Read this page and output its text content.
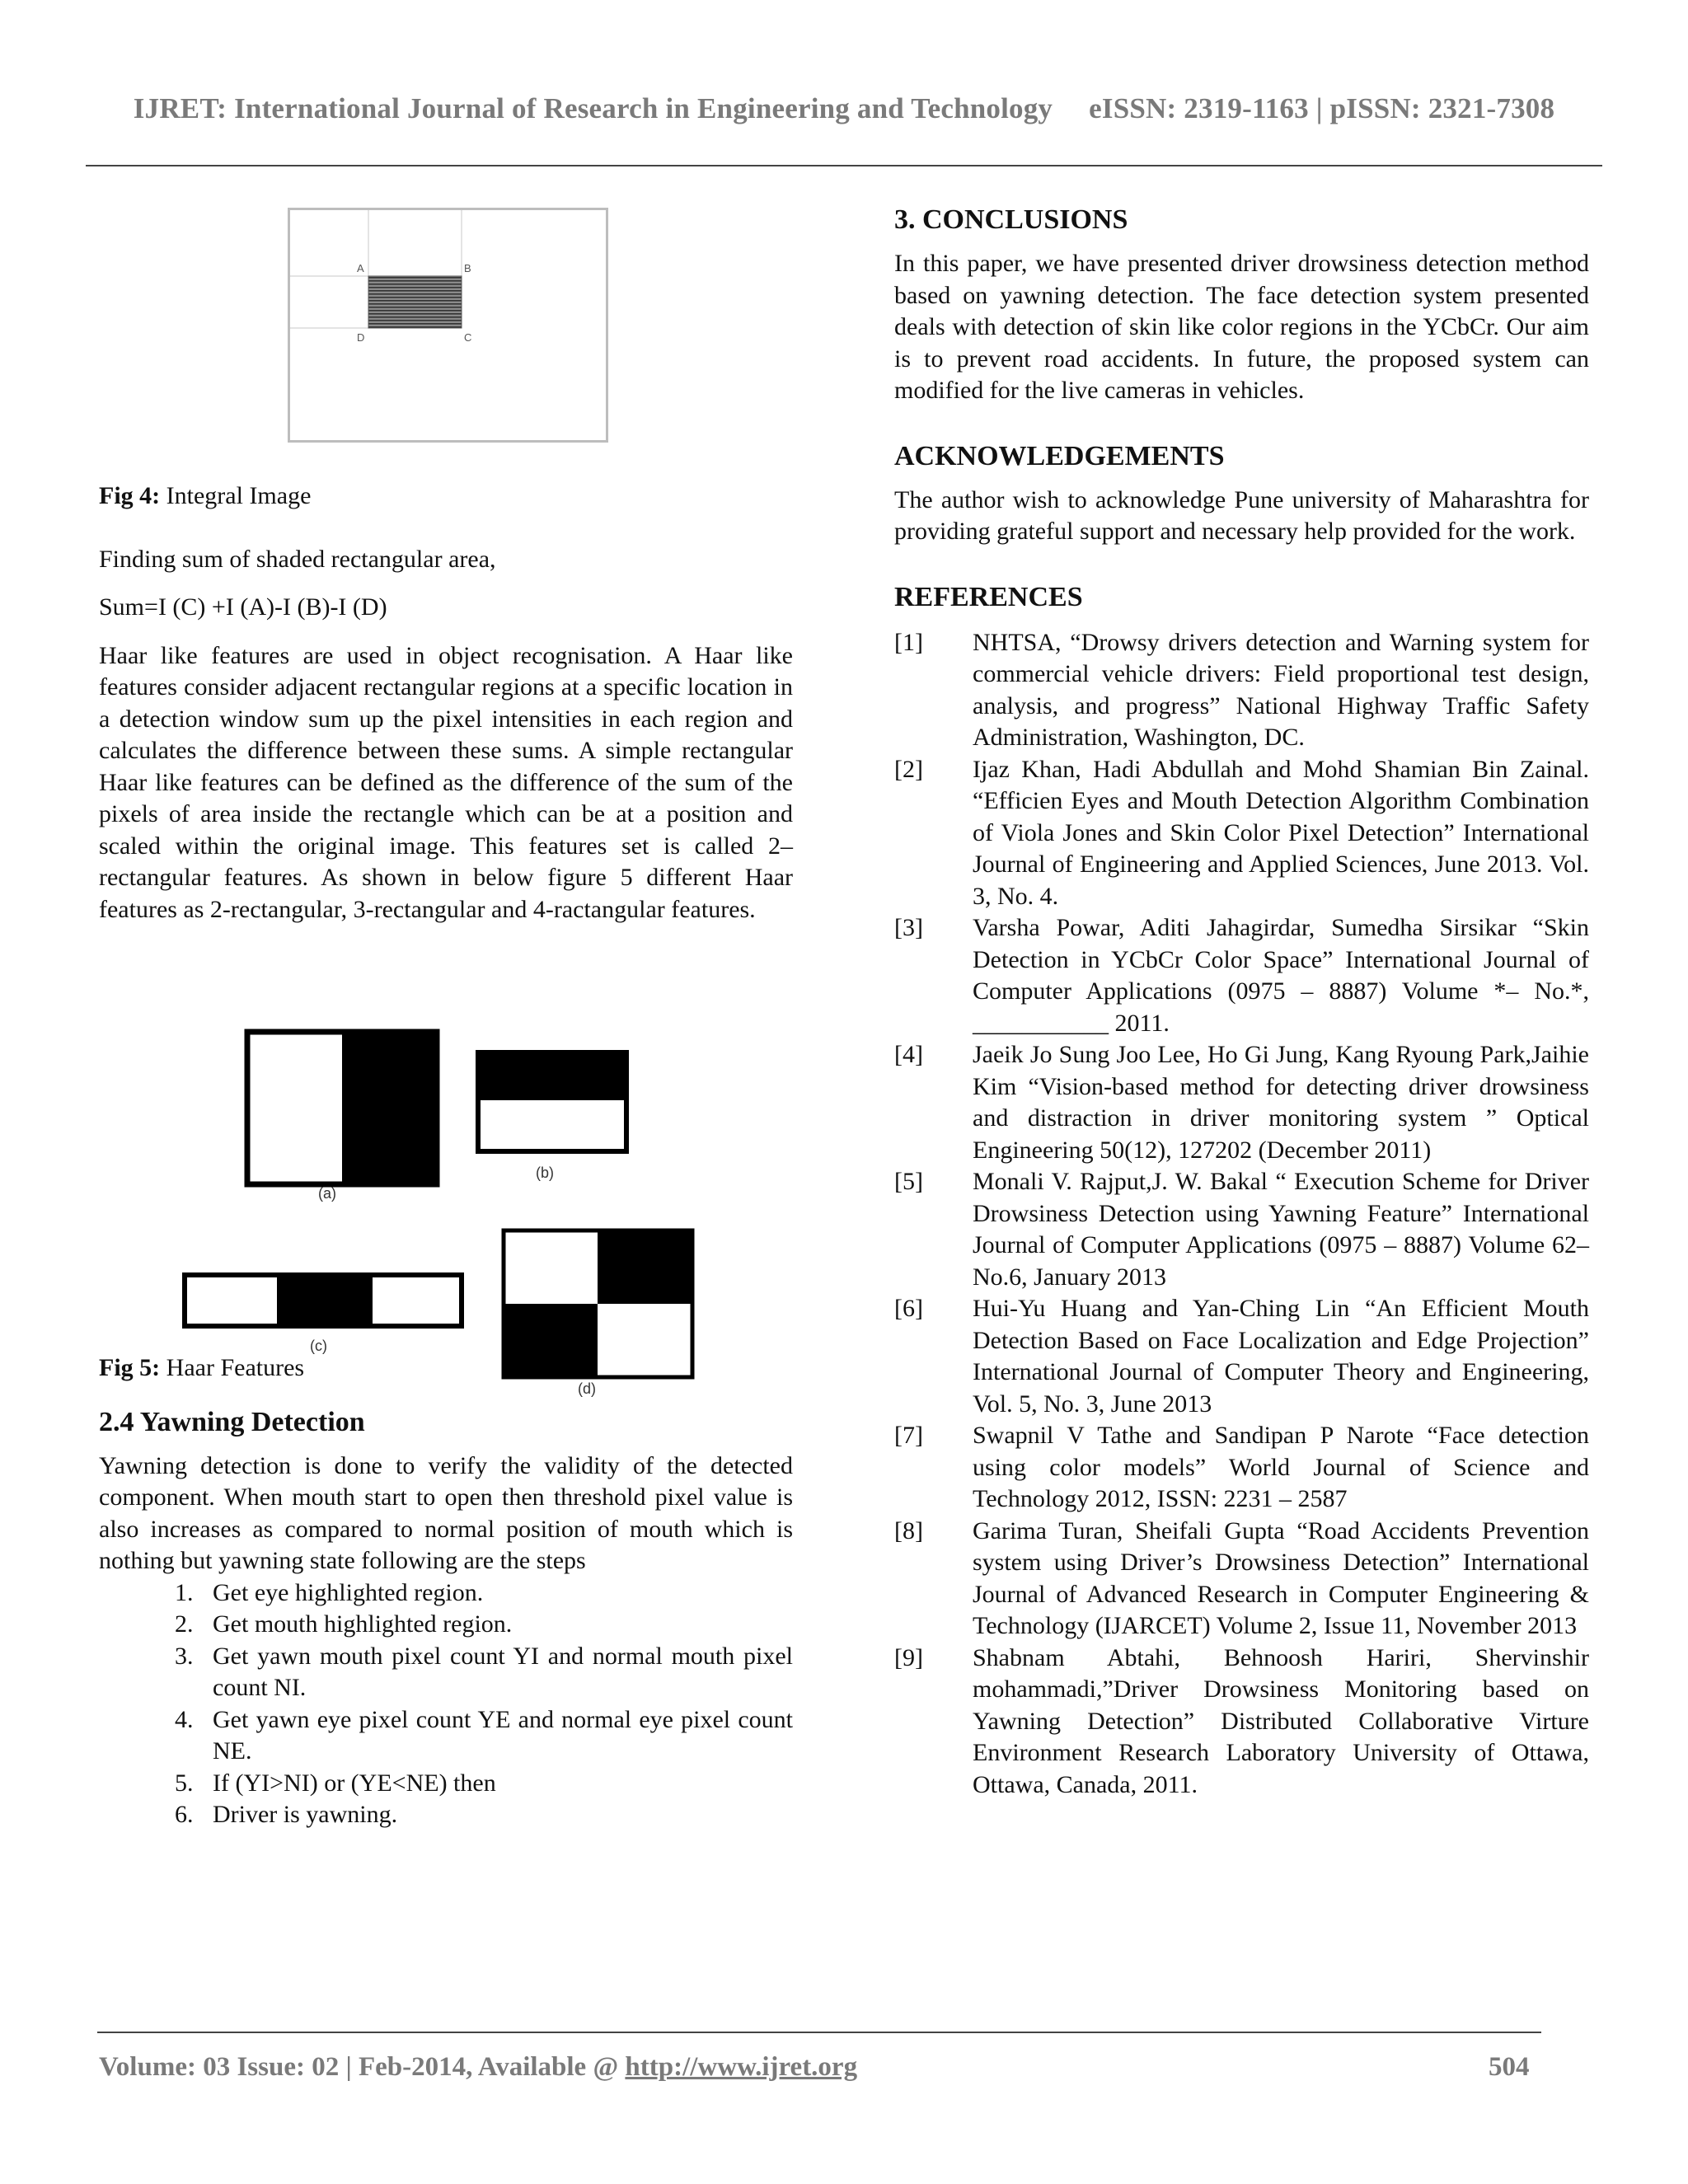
IJRET: International Journal of Research in Engineering and Technology eISSN: 2319-1163 | pISSN: 2321-7308
A	B
C
D

Fig 4: Integral Image

Finding sum of shaded rectangular area,

Sum=I (C) +I (A)-I (B)-I (D)

Haar like features are used in object recognisation. A Haar like features consider adjacent rectangular regions at a specific location in a detection window sum up the pixel intensities in each region and calculates the difference between these sums. A simple rectangular Haar like features can be defined as the difference of the sum of the pixels of area inside the rectangle which can be at a position and scaled within the original image. This features set is called 2–rectangular features. As shown in below figure 5 different Haar features as 2-rectangular, 3-rectangular and 4-ractangular features.

Fig 5: Haar Features

2.4 Yawning Detection

Yawning detection is done to verify the validity of the detected component. When mouth start to open then threshold pixel value is also increases as compared to normal position of mouth which is nothing but yawning state following are the steps

1. Get eye highlighted region.
2. Get mouth highlighted region.
3. Get yawn mouth pixel count YI and normal mouth pixel count NI.
4. Get yawn eye pixel count YE and normal eye pixel count NE.
5. If (YI>NI) or (YE<NE) then
6. Driver is yawning.
(a)
(b)
(c)
(d)
3. CONCLUSIONS

In this paper, we have presented driver drowsiness detection method based on yawning detection. The face detection system presented deals with detection of skin like color regions in the YCbCr. Our aim is to prevent road accidents. In future, the proposed system can modified for the live cameras in vehicles.

ACKNOWLEDGEMENTS

The author wish to acknowledge Pune university of Maharashtra for providing grateful support and necessary help provided for the work.

REFERENCES
[1]	NHTSA, “Drowsy drivers detection and Warning system for commercial vehicle drivers: Field proportional test design, analysis, and progress” National Highway Traffic Safety Administration, Washington, DC.
[2]	Ijaz Khan, Hadi Abdullah and Mohd Shamian Bin Zainal. “Efficien Eyes and Mouth Detection Algorithm Combination of Viola Jones and Skin Color Pixel Detection” International Journal of Engineering and Applied Sciences, June 2013. Vol. 3, No. 4.
[3]	Varsha Powar, Aditi Jahagirdar, Sumedha Sirsikar “Skin Detection in YCbCr Color Space” International Journal of Computer Applications (0975 – 8887) Volume *– No.*, ___________ 2011.
[4]	Jaeik Jo Sung Joo Lee, Ho Gi Jung, Kang Ryoung Park,Jaihie Kim “Vision-based method for detecting driver drowsiness and distraction in driver monitoring system ” Optical Engineering 50(12), 127202 (December 2011)
[5]	Monali V. Rajput,J. W. Bakal “ Execution Scheme for Driver Drowsiness Detection using Yawning Feature” International Journal of Computer Applications (0975 – 8887) Volume 62– No.6, January 2013
[6]	Hui-Yu Huang and Yan-Ching Lin “An Efficient Mouth Detection Based on Face Localization and Edge Projection” International Journal of Computer Theory and Engineering, Vol. 5, No. 3, June 2013
[7]	Swapnil V Tathe and Sandipan P Narote “Face detection using color models” World Journal of Science and Technology 2012, ISSN: 2231 – 2587
[8]	Garima Turan, Sheifali Gupta “Road Accidents Prevention system using Driver’s Drowsiness Detection” International Journal of Advanced Research in Computer Engineering & Technology (IJARCET) Volume 2, Issue 11, November 2013
[9]	Shabnam Abtahi, Behnoosh Hariri, Shervinshir mohammadi,”Driver Drowsiness Monitoring based on Yawning Detection” Distributed Collaborative Virture Environment Research Laboratory University of Ottawa, Ottawa, Canada, 2011.
Volume: 03 Issue: 02 | Feb-2014, Available @ http://www.ijret.org	504
